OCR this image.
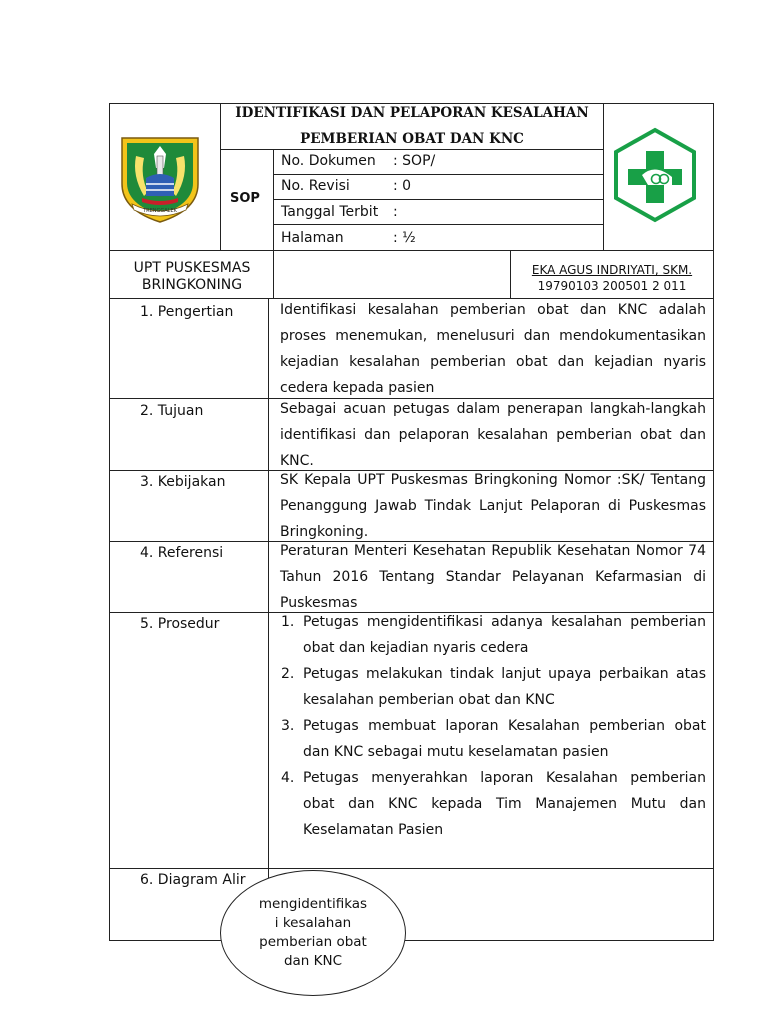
TRENGGALEK
IDENTIFIKASI DAN PELAPORAN KESALAHAN
PEMBERIAN OBAT DAN KNC
SOP
No. Dokumen : SOP/
No. Revisi	: 0
Tanggal Terbit :
Halaman	: ½
UPT PUSKESMAS
BRINGKONING
EKA AGUS INDRIYATI, SKM.
19790103 200501 2 011
1. Pengertian	Identifikasi kesalahan pemberian obat dan KNC adalah proses menemukan, menelusuri dan mendokumentasikan kejadian kesalahan pemberian obat dan kejadian nyaris cedera kepada pasien
2. Tujuan	Sebagai acuan petugas dalam penerapan langkah-langkah identifikasi dan pelaporan kesalahan pemberian obat dan KNC.
3. Kebijakan	SK Kepala UPT Puskesmas Bringkoning Nomor :SK/ Tentang Penanggung Jawab Tindak Lanjut Pelaporan di Puskesmas Bringkoning.
4. Referensi	Peraturan Menteri Kesehatan Republik Kesehatan Nomor 74 Tahun 2016 Tentang Standar Pelayanan Kefarmasian di Puskesmas
5. Prosedur	1. Petugas mengidentifikasi adanya kesalahan pemberian obat dan kejadian nyaris cedera
2. Petugas melakukan tindak lanjut upaya perbaikan atas kesalahan pemberian obat dan KNC
3. Petugas membuat laporan Kesalahan pemberian obat dan KNC sebagai mutu keselamatan pasien
4. Petugas menyerahkan laporan Kesalahan pemberian obat dan KNC kepada Tim Manajemen Mutu dan Keselamatan Pasien
6. Diagram Alir
mengidentifikas
i kesalahan
pemberian obat
dan KNC
